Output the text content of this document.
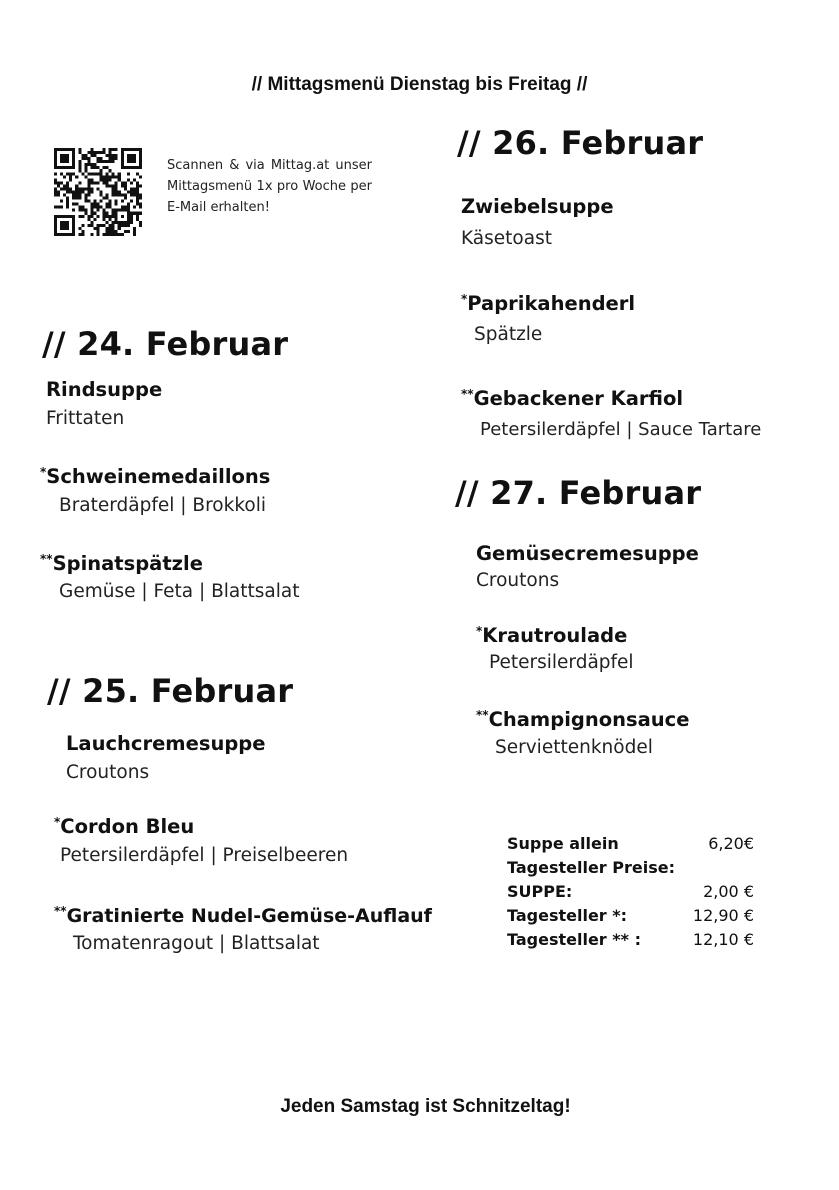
// Mittagsmenü Dienstag bis Freitag //
Scannen & via Mittag.at unser Mittagsmenü 1x pro Woche per E-Mail erhalten!
// 24. Februar
Rindsuppe
Frittaten
*Schweinemedaillons
Braterdäpfel | Brokkoli
**Spinatspätzle
Gemüse | Feta | Blattsalat
// 25. Februar
Lauchcremesuppe
Croutons
*Cordon Bleu
Petersilerdäpfel | Preiselbeeren
**Gratinierte Nudel-Gemüse-Auflauf
Tomatenragout | Blattsalat
// 26. Februar
Zwiebelsuppe
Käsetoast
*Paprikahenderl
Spätzle
**Gebackener Karfiol
Petersilerdäpfel | Sauce Tartare
// 27. Februar
Gemüsecremesuppe
Croutons
*Krautroulade
Petersilerdäpfel
**Champignonsauce
Serviettenknödel
Suppe allein	6,20€
Tagesteller Preise:
SUPPE:	2,00 €
Tagesteller *:	12,90 €
Tagesteller ** :	12,10 €
Jeden Samstag ist Schnitzeltag!
